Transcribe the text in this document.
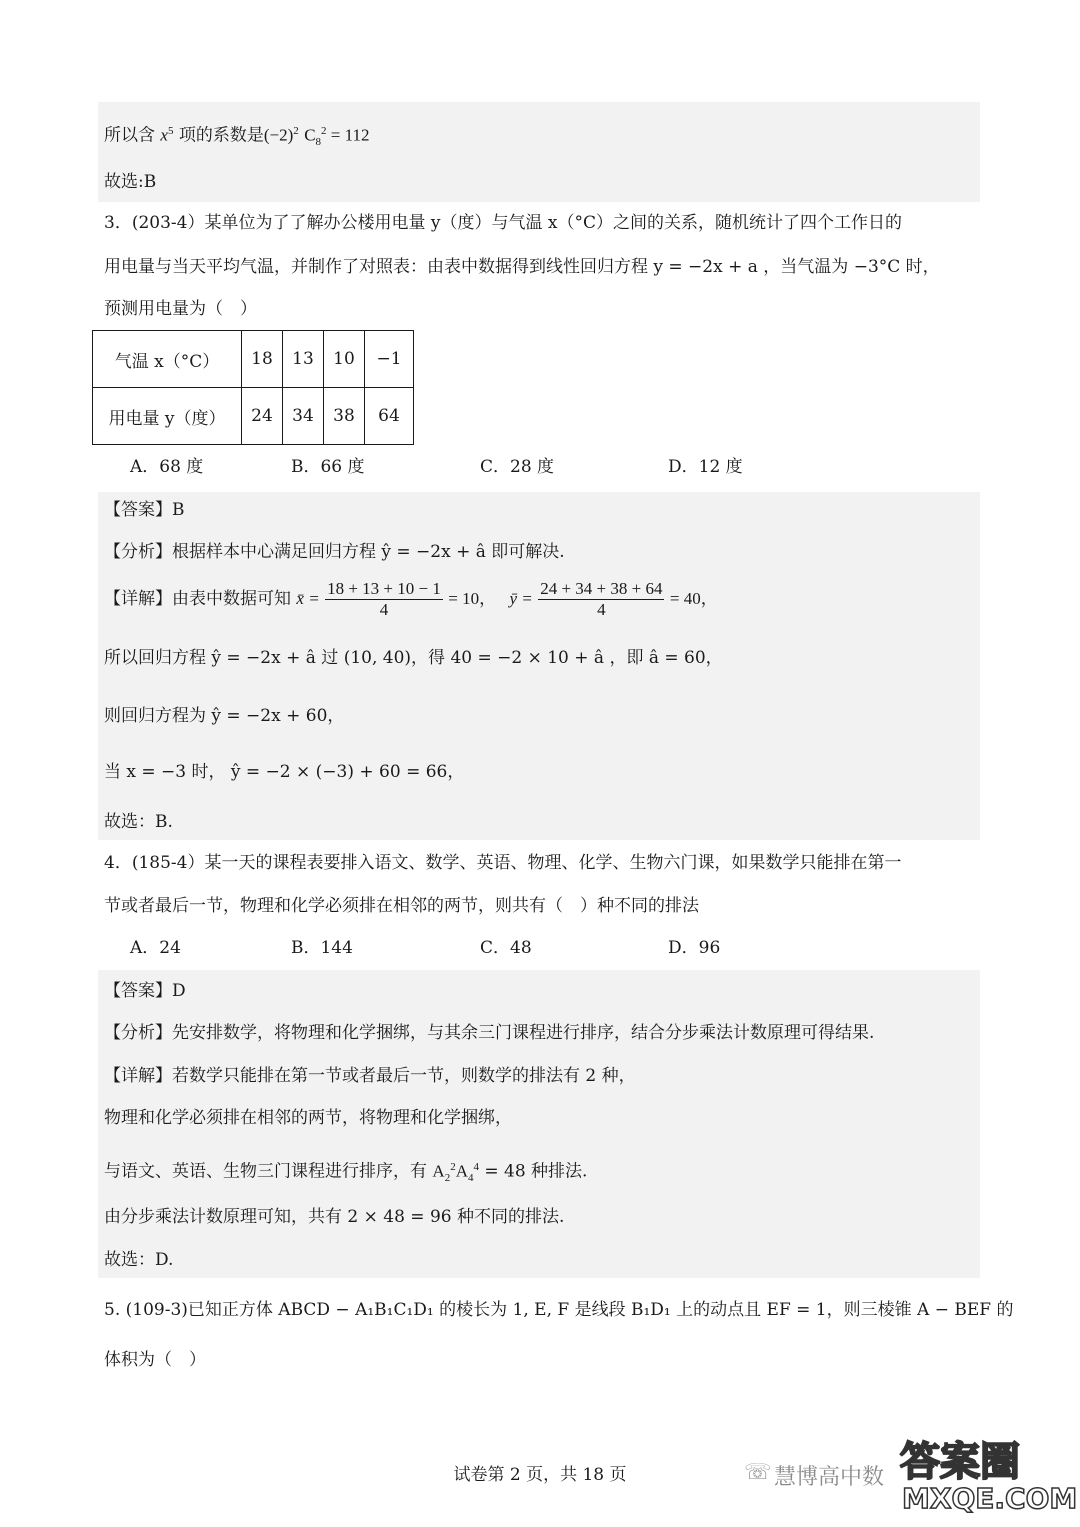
所以含 $x^5$ 项的系数是$(-2)^2$ $C_8^2 = 112$
故选:B
3．(203-4）某单位为了了解办公楼用电量 y（度）与气温 x（°C）之间的关系，随机统计了四个工作日的
用电量与当天平均气温，并制作了对照表：由表中数据得到线性回归方程 y = −2x + a ，当气温为 −3°C 时，
预测用电量为（　）
气温 x（°C）	18	13	10	−1
用电量 y（度）	24	34	38	64
A．68 度	B．66 度	C．28 度	D．12 度
【答案】B
【分析】根据样本中心满足回归方程 ŷ = −2x + â 即可解决.
【详解】由表中数据可知 x̄ = $\frac{18 + 13 + 10 - 1}{4} = 10$， ȳ = $\frac{24 + 34 + 38 + 64}{4} = 40$，
所以回归方程 ŷ = −2x + â 过 (10, 40)，得 40 = −2 × 10 + â ，即 â = 60，
则回归方程为 ŷ = −2x + 60，
当 x = −3 时， ŷ = −2 × (−3) + 60 = 66，
故选：B.
4．(185-4）某一天的课程表要排入语文、数学、英语、物理、化学、生物六门课，如果数学只能排在第一
节或者最后一节，物理和化学必须排在相邻的两节，则共有（　）种不同的排法
A．24	B．144	C．48	D．96
【答案】D
【分析】先安排数学，将物理和化学捆绑，与其余三门课程进行排序，结合分步乘法计数原理可得结果.
【详解】若数学只能排在第一节或者最后一节，则数学的排法有 2 种，
物理和化学必须排在相邻的两节，将物理和化学捆绑，
与语文、英语、生物三门课程进行排序，有 $A_2^2A_4^4 = 48$ 种排法.
由分步乘法计数原理可知，共有 2 × 48 = 96 种不同的排法.
故选：D.
5. (109-3)已知正方体 ABCD − A₁B₁C₁D₁ 的棱长为 1, E, F 是线段 B₁D₁ 上的动点且 EF = 1，则三棱锥 A − BEF 的
体积为（　）
试卷第 2 页，共 18 页	☏ 慧博高中数 答案圈
MXQE.COM
